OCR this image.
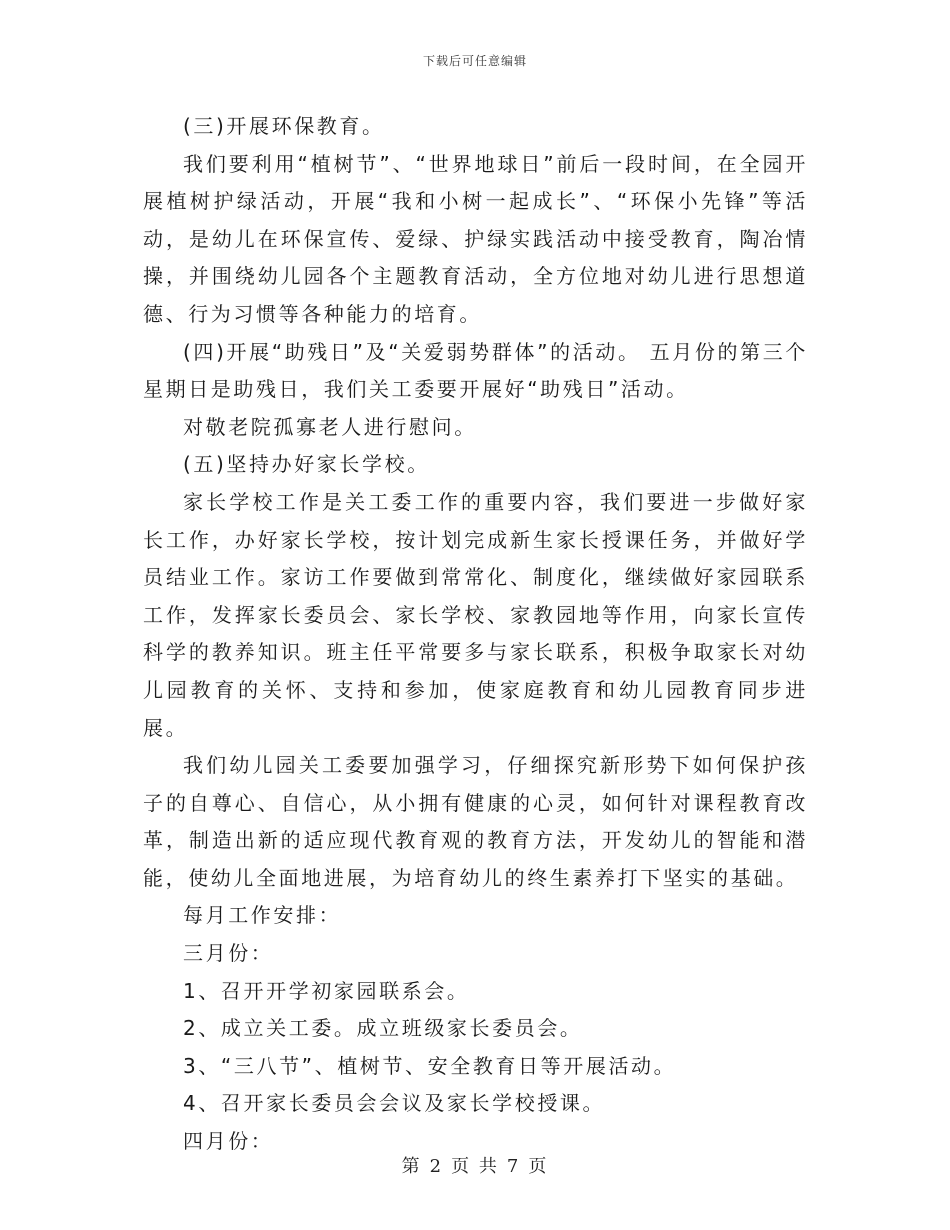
下载后可任意编辑

(三)开展环保教育。

我们要利用“植树节”、“世界地球日”前后一段时间，在全园开展植树护绿活动，开展“我和小树一起成长”、“环保小先锋”等活动，是幼儿在环保宣传、爱绿、护绿实践活动中接受教育，陶冶情操，并围绕幼儿园各个主题教育活动，全方位地对幼儿进行思想道德、行为习惯等各种能力的培育。

(四)开展“助残日”及“关爱弱势群体”的活动。 五月份的第三个星期日是助残日，我们关工委要开展好“助残日”活动。

对敬老院孤寡老人进行慰问。

(五)坚持办好家长学校。

家长学校工作是关工委工作的重要内容，我们要进一步做好家长工作，办好家长学校，按计划完成新生家长授课任务，并做好学员结业工作。家访工作要做到常常化、制度化，继续做好家园联系工作，发挥家长委员会、家长学校、家教园地等作用，向家长宣传科学的教养知识。班主任平常要多与家长联系，积极争取家长对幼儿园教育的关怀、支持和参加，使家庭教育和幼儿园教育同步进展。

我们幼儿园关工委要加强学习，仔细探究新形势下如何保护孩子的自尊心、自信心，从小拥有健康的心灵，如何针对课程教育改革，制造出新的适应现代教育观的教育方法，开发幼儿的智能和潜能，使幼儿全面地进展，为培育幼儿的终生素养打下坚实的基础。

每月工作安排：

三月份：

1、召开开学初家园联系会。

2、成立关工委。成立班级家长委员会。

3、“三八节”、植树节、安全教育日等开展活动。

4、召开家长委员会会议及家长学校授课。

四月份：

第 2 页 共 7 页
